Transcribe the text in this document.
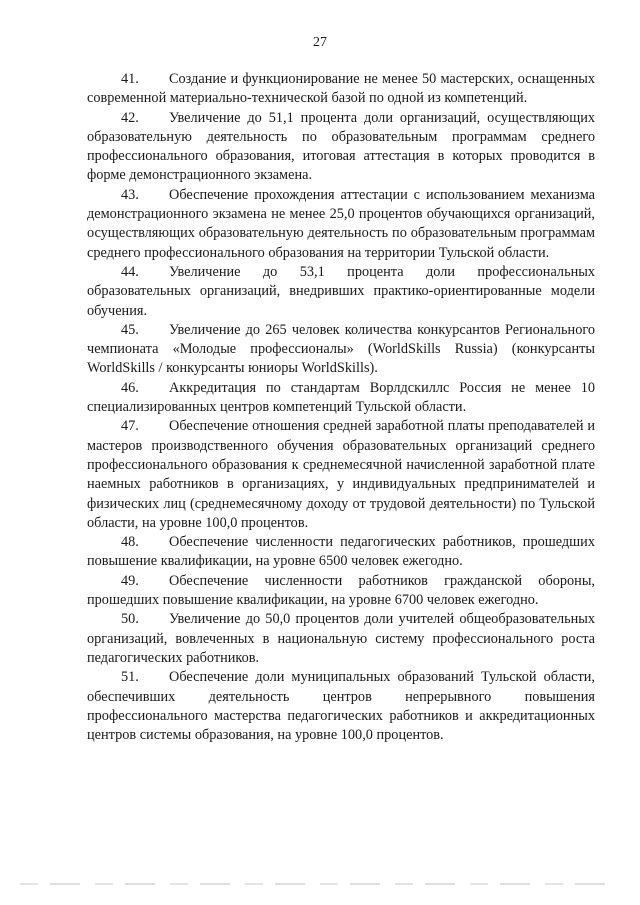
27

41. Создание и функционирование не менее 50 мастерских, оснащенных современной материально-технической базой по одной из компетенций.

42. Увеличение до 51,1 процента доли организаций, осуществляющих образовательную деятельность по образовательным программам среднего профессионального образования, итоговая аттестация в которых проводится в форме демонстрационного экзамена.

43. Обеспечение прохождения аттестации с использованием механизма демонстрационного экзамена не менее 25,0 процентов обучающихся организаций, осуществляющих образовательную деятельность по образовательным программам среднего профессионального образования на территории Тульской области.

44. Увеличение до 53,1 процента доли профессиональных образовательных организаций, внедривших практико-ориентированные модели обучения.

45. Увеличение до 265 человек количества конкурсантов Регионального чемпионата «Молодые профессионалы» (WorldSkills Russia) (конкурсанты WorldSkills / конкурсанты юниоры WorldSkills).

46. Аккредитация по стандартам Ворлдскиллс Россия не менее 10 специализированных центров компетенций Тульской области.

47. Обеспечение отношения средней заработной платы преподавателей и мастеров производственного обучения образовательных организаций среднего профессионального образования к среднемесячной начисленной заработной плате наемных работников в организациях, у индивидуальных предпринимателей и физических лиц (среднемесячному доходу от трудовой деятельности) по Тульской области, на уровне 100,0 процентов.

48. Обеспечение численности педагогических работников, прошедших повышение квалификации, на уровне 6500 человек ежегодно.

49. Обеспечение численности работников гражданской обороны, прошедших повышение квалификации, на уровне 6700 человек ежегодно.

50. Увеличение до 50,0 процентов доли учителей общеобразовательных организаций, вовлеченных в национальную систему профессионального роста педагогических работников.

51. Обеспечение доли муниципальных образований Тульской области, обеспечивших деятельность центров непрерывного повышения профессионального мастерства педагогических работников и аккредитационных центров системы образования, на уровне 100,0 процентов.
